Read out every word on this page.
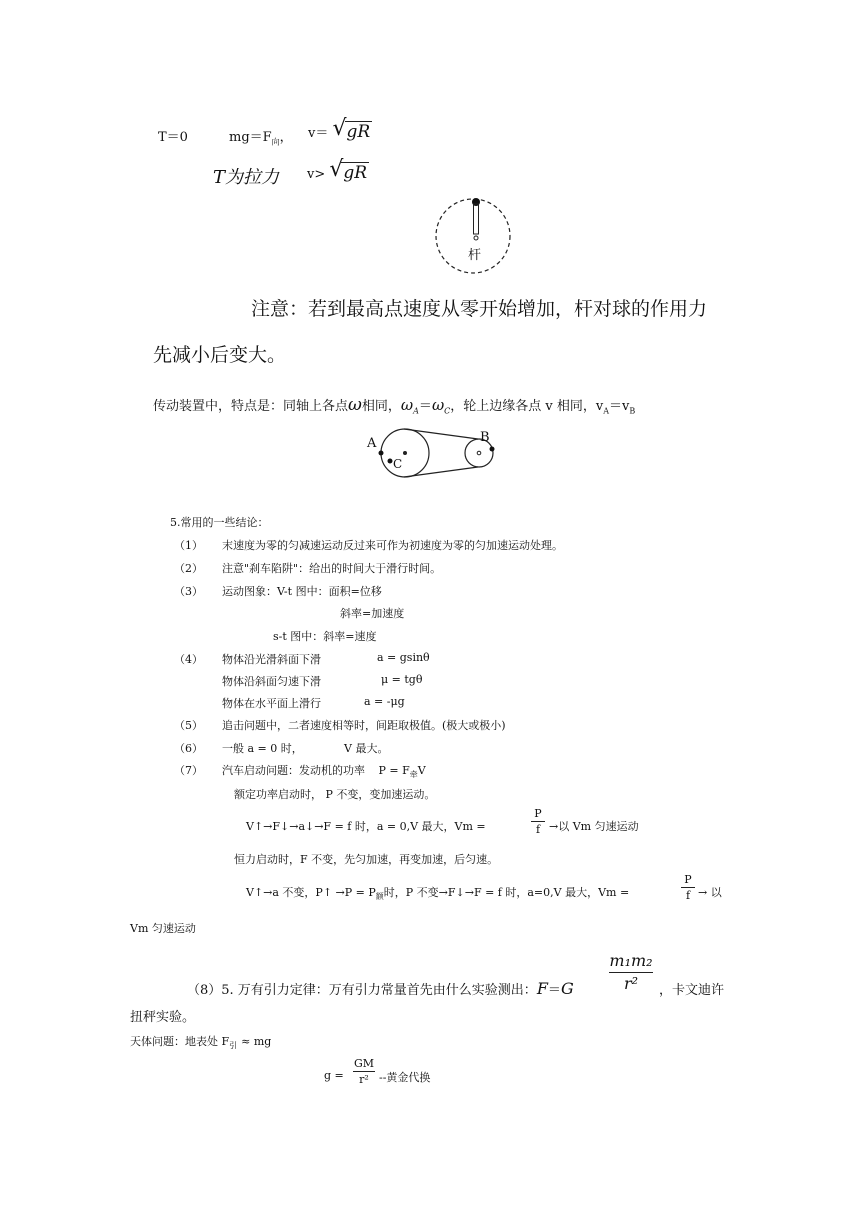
T＝0	$mg=F_向$， v＝ √ gR
T为拉力 v> √ gR
杆
注意：若到最高点速度从零开始增加，杆对球的作用力
先减小后变大。
传动装置中，特点是：同轴上各点ω相同，$\omega_A=\omega_C$，轮上边缘各点 v 相同，$v_A=v_B$
A	B
C
5.常用的一些结论：
（1） 末速度为零的匀减速运动反过来可作为初速度为零的匀加速运动处理。
（2） 注意"刹车陷阱"：给出的时间大于滑行时间。
（3） 运动图象：V-t 图中：面积=位移
斜率=加速度
s-t 图中：斜率=速度
（4） 物体沿光滑斜面下滑	a = gsinθ
物体沿斜面匀速下滑	μ = tgθ
物体在水平面上滑行	a = -μg
（5） 追击问题中，二者速度相等时，间距取极值。(极大或极小)
（6） 一般 a = 0 时，	V 最大。
（7） 汽车启动问题：发动机的功率 $P = F_牵V$
额定功率启动时， P 不变，变加速运动。
V↑→F↓→a↓→F = f 时，a = 0,V 最大，Vm =
P
f →以 Vm 匀速运动
恒力启动时，F 不变，先匀加速，再变加速，后匀速。
V↑→a 不变，P↑ $\to P = P_额$时，P 不变→F↓→F = f 时，a=0,V 最大，Vm =
P
f → 以
Vm 匀速运动
m₁m₂
r²
（8）5. 万有引力定律：万有引力常量首先由什么实验测出：F＝G	，卡文迪许
扭秤实验。
天体问题：地表处 $F_引$ ≈ mg
g =
GM
r² --黄金代换
